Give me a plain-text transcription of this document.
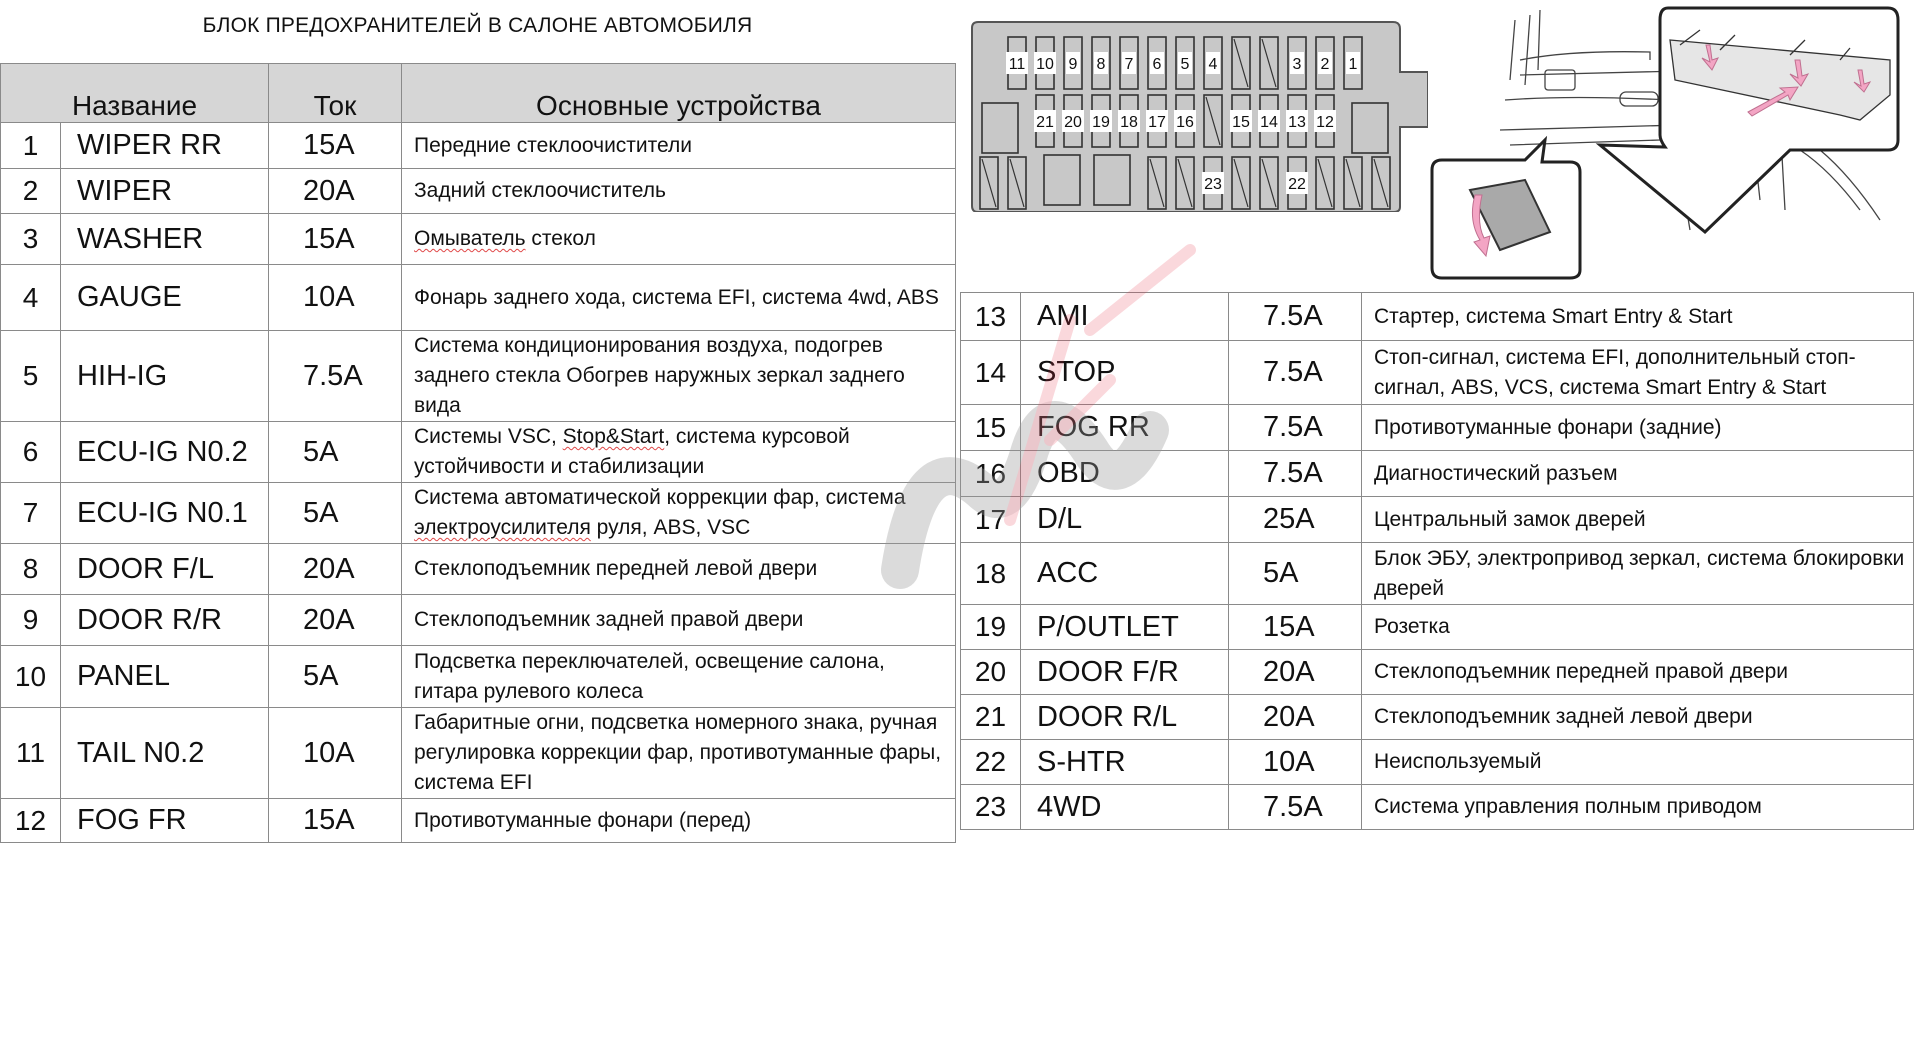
БЛОК ПРЕДОХРАНИТЕЛЕЙ В САЛОНЕ АВТОМОБИЛЯ
Название		Ток	Основные устройства
1	WIPER RR	15A	Передние стеклоочистители
2	WIPER	20A	Задний стеклоочиститель
3	WASHER	15A	Омыватель стекол
4	GAUGE	10A	Фонарь заднего хода, система EFI, система 4wd, ABS
5	HIH-IG	7.5A	Система кондиционирования воздуха, подогрев заднего стекла Обогрев наружных зеркал заднего вида
6	ECU-IG N0.2	5A	Системы VSC, Stop&Start, система курсовой устойчивости и стабилизации
7	ECU-IG N0.1	5A	Система автоматической коррекции фар, система электроусилителя руля, ABS, VSC
8	DOOR F/L	20A	Стеклоподъемник передней левой двери
9	DOOR R/R	20A	Стеклоподъемник задней правой двери
10	PANEL	5A	Подсветка переключателей, освещение салона, гитара рулевого колеса
11	TAIL N0.2	10A	Габаритные огни, подсветка номерного знака, ручная регулировка коррекции фар, противотуманные фары, система EFI
12	FOG FR	15A	Противотуманные фонари (перед)
13	AMI	7.5A	Стартер, система Smart Entry & Start
14	STOP	7.5A	Стоп-сигнал, система EFI, дополнительный стоп-сигнал, ABS, VCS, система Smart Entry & Start
15	FOG RR	7.5A	Противотуманные фонари (задние)
16	OBD	7.5A	Диагностический разъем
17	D/L	25A	Центральный замок дверей
18	ACC	5A	Блок ЭБУ, электропривод зеркал, система блокировки дверей
19	P/OUTLET	15A	Розетка
20	DOOR F/R	20A	Стеклоподъемник передней правой двери
21	DOOR R/L	20A	Стеклоподъемник задней левой двери
22	S-HTR	10A	Неиспользуемый
23	4WD	7.5A	Система управления полным приводом
11 10 9 8 7 6 5 4	3 2 1
21 20 19 18 17 16 15 14 13 12
23	22
